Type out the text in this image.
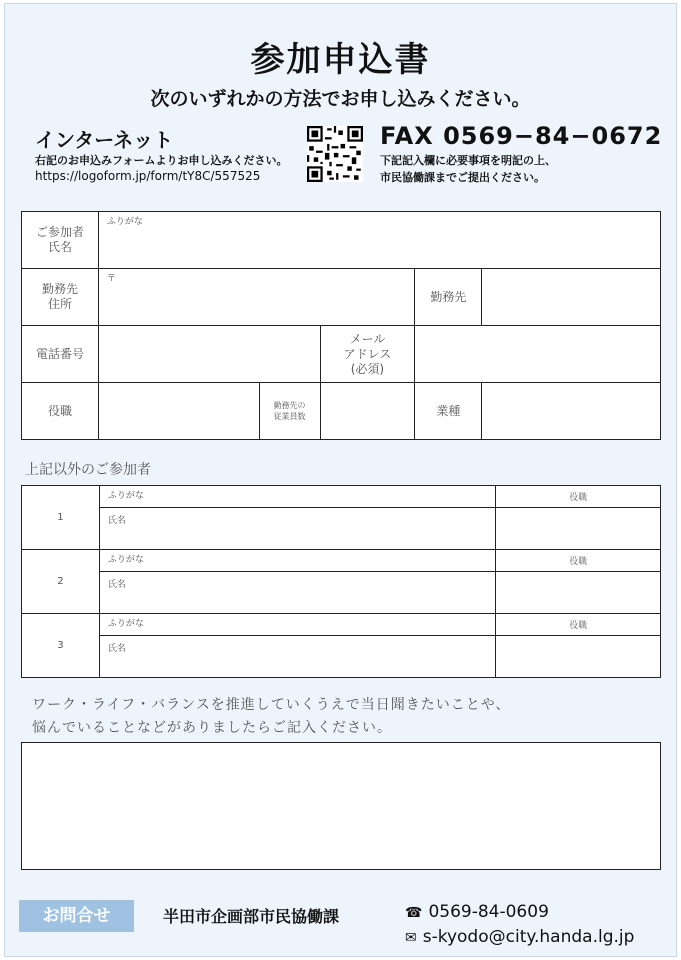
参加申込書
次のいずれかの方法でお申し込みください。
インターネット
右記のお申込みフォームよりお申し込みください。
https://logoform.jp/form/tY8C/557525
FAX 0569−84−0672
下記記入欄に必要事項を明記の上、
市民協働課までご提出ください。
ご参加者
氏名	ふりがな				

勤務先
住所	〒			勤務先	
電話番号			メール
アドレス
(必須)		

役職		勤務先の
従業員数		業種	
上記以外のご参加者
1	ふりがな	役職
	氏名	
2	ふりがな	役職
	氏名	
3	ふりがな	役職
	氏名	
ワーク・ライフ・バランスを推進していくうえで当日聞きたいことや、
悩んでいることなどがありましたらご記入ください。
お問合せ	半田市企画部市民協働課	☎ 0569-84-0609
✉ s-kyodo@city.handa.lg.jp
